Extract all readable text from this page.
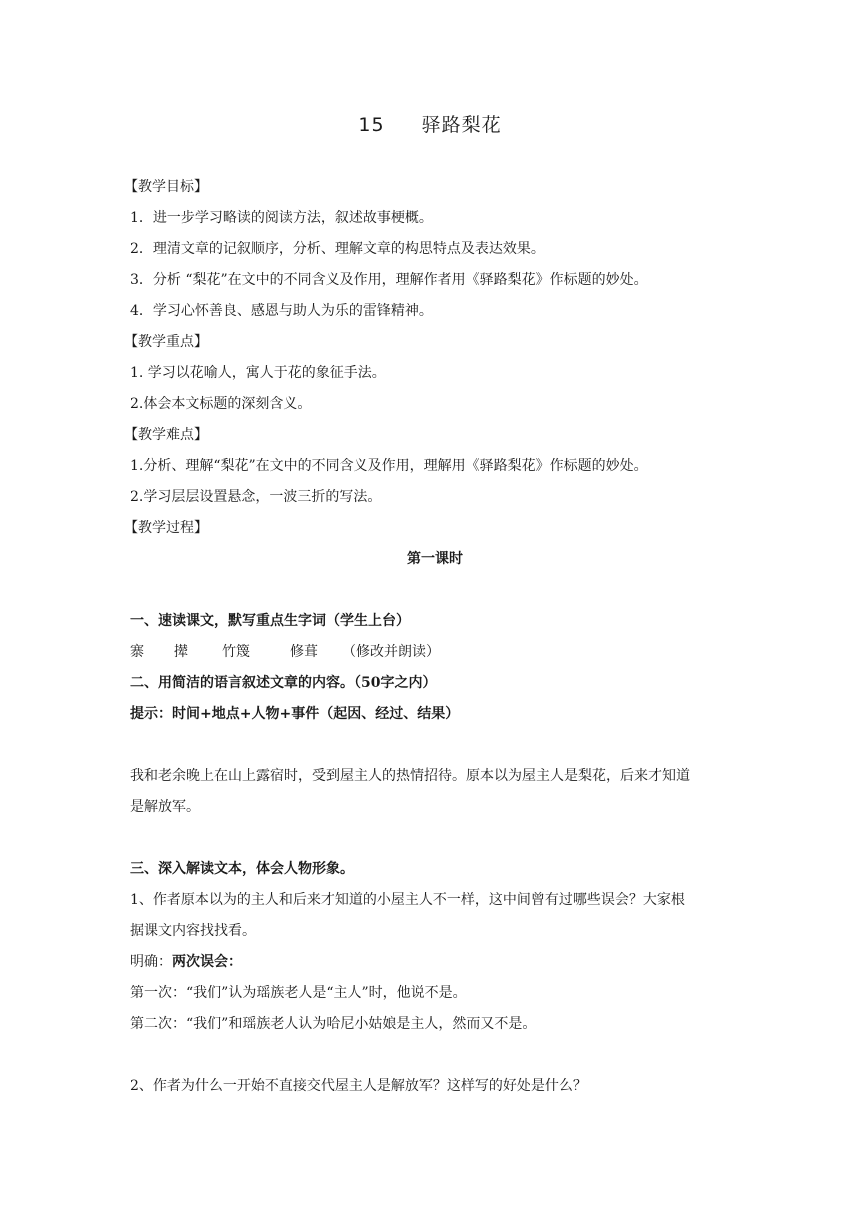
15 驿路梨花
【教学目标】
1．进一步学习略读的阅读方法，叙述故事梗概。
2．理清文章的记叙顺序，分析、理解文章的构思特点及表达效果。
3．分析 “梨花”在文中的不同含义及作用，理解作者用《驿路梨花》作标题的妙处。
4．学习心怀善良、感恩与助人为乐的雷锋精神。
【教学重点】
1. 学习以花喻人，寓人于花的象征手法。
2.体会本文标题的深刻含义。
【教学难点】
1.分析、理解“梨花”在文中的不同含义及作用，理解用《驿路梨花》作标题的妙处。
2.学习层层设置悬念，一波三折的写法。
【教学过程】
第一课时
一、速读课文，默写重点生字词（学生上台）
寨 撵 竹篾	修葺 （修改并朗读）
二、用简洁的语言叙述文章的内容。（50字之内）
提示：时间+地点+人物+事件（起因、经过、结果）
我和老余晚上在山上露宿时，受到屋主人的热情招待。原本以为屋主人是梨花，后来才知道
是解放军。
三、深入解读文本，体会人物形象。
1、作者原本以为的主人和后来才知道的小屋主人不一样，这中间曾有过哪些误会？大家根
据课文内容找找看。
明确：两次误会：
第一次：“我们”认为瑶族老人是“主人”时，他说不是。
第二次：“我们”和瑶族老人认为哈尼小姑娘是主人，然而又不是。
2、作者为什么一开始不直接交代屋主人是解放军？这样写的好处是什么？
